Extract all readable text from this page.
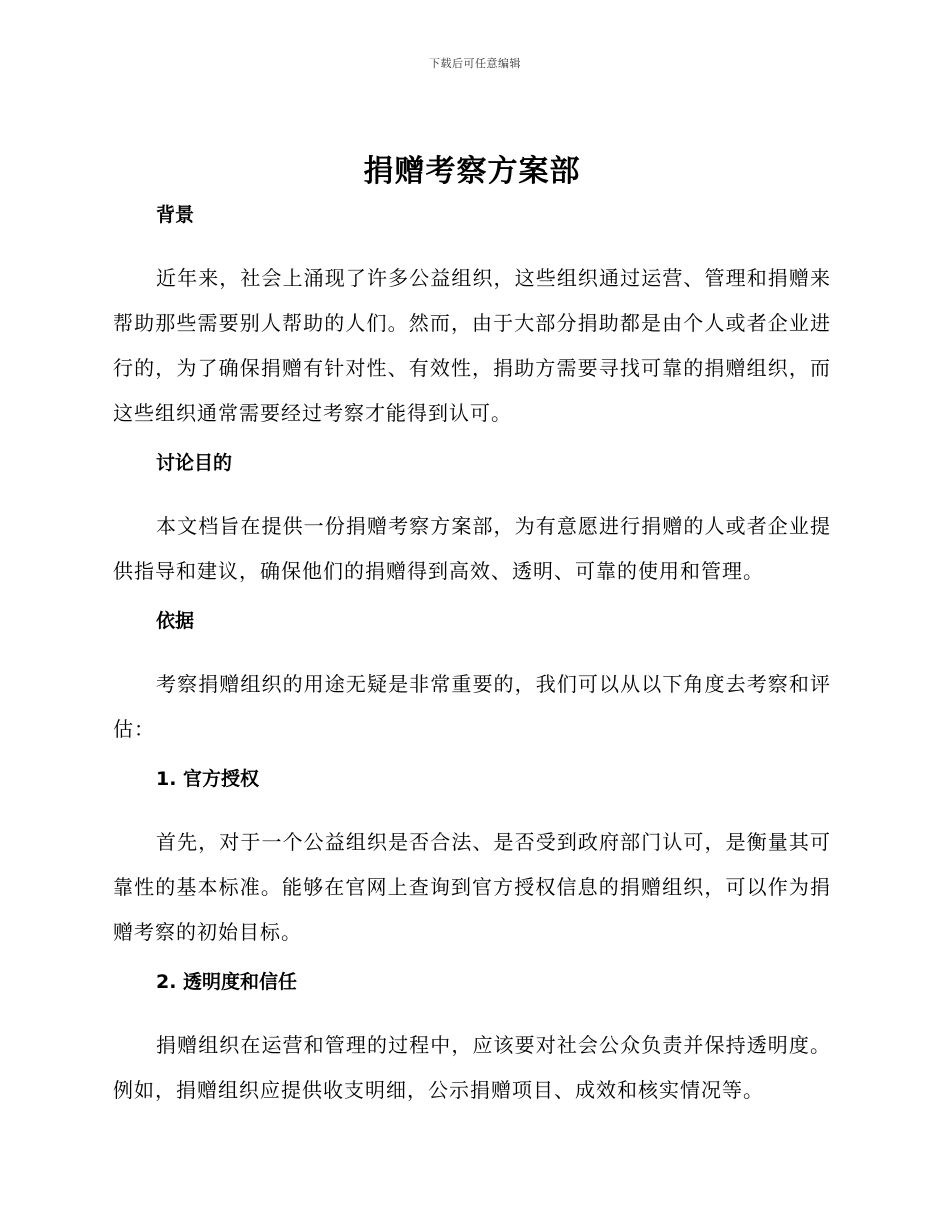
下载后可任意编辑
捐赠考察方案部
背景

近年来，社会上涌现了许多公益组织，这些组织通过运营、管理和捐赠来帮助那些需要别人帮助的人们。然而，由于大部分捐助都是由个人或者企业进行的，为了确保捐赠有针对性、有效性，捐助方需要寻找可靠的捐赠组织，而这些组织通常需要经过考察才能得到认可。

讨论目的

本文档旨在提供一份捐赠考察方案部，为有意愿进行捐赠的人或者企业提供指导和建议，确保他们的捐赠得到高效、透明、可靠的使用和管理。

依据

考察捐赠组织的用途无疑是非常重要的，我们可以从以下角度去考察和评估：

1. 官方授权

首先，对于一个公益组织是否合法、是否受到政府部门认可，是衡量其可靠性的基本标准。能够在官网上查询到官方授权信息的捐赠组织，可以作为捐赠考察的初始目标。

2. 透明度和信任

捐赠组织在运营和管理的过程中，应该要对社会公众负责并保持透明度。例如，捐赠组织应提供收支明细，公示捐赠项目、成效和核实情况等。
